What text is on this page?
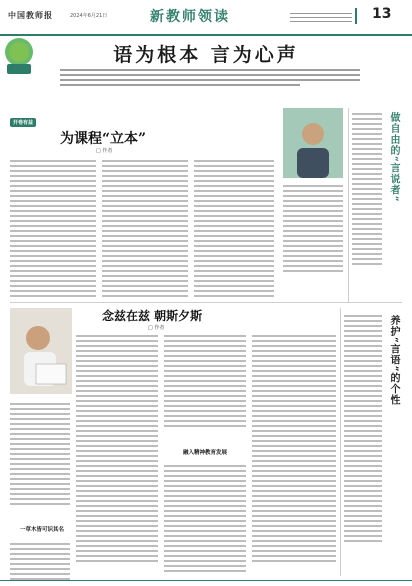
中国教师报	2024年6月21日	新教师领读	13
语为根本 言为心声
开卷有益
为课程“立本”
□ 作者	做自由的“言说者”
念兹在兹 朝斯夕斯
□ 作者
一草木皆可识其名
融入精神教育发展
养护“言语”的个性
